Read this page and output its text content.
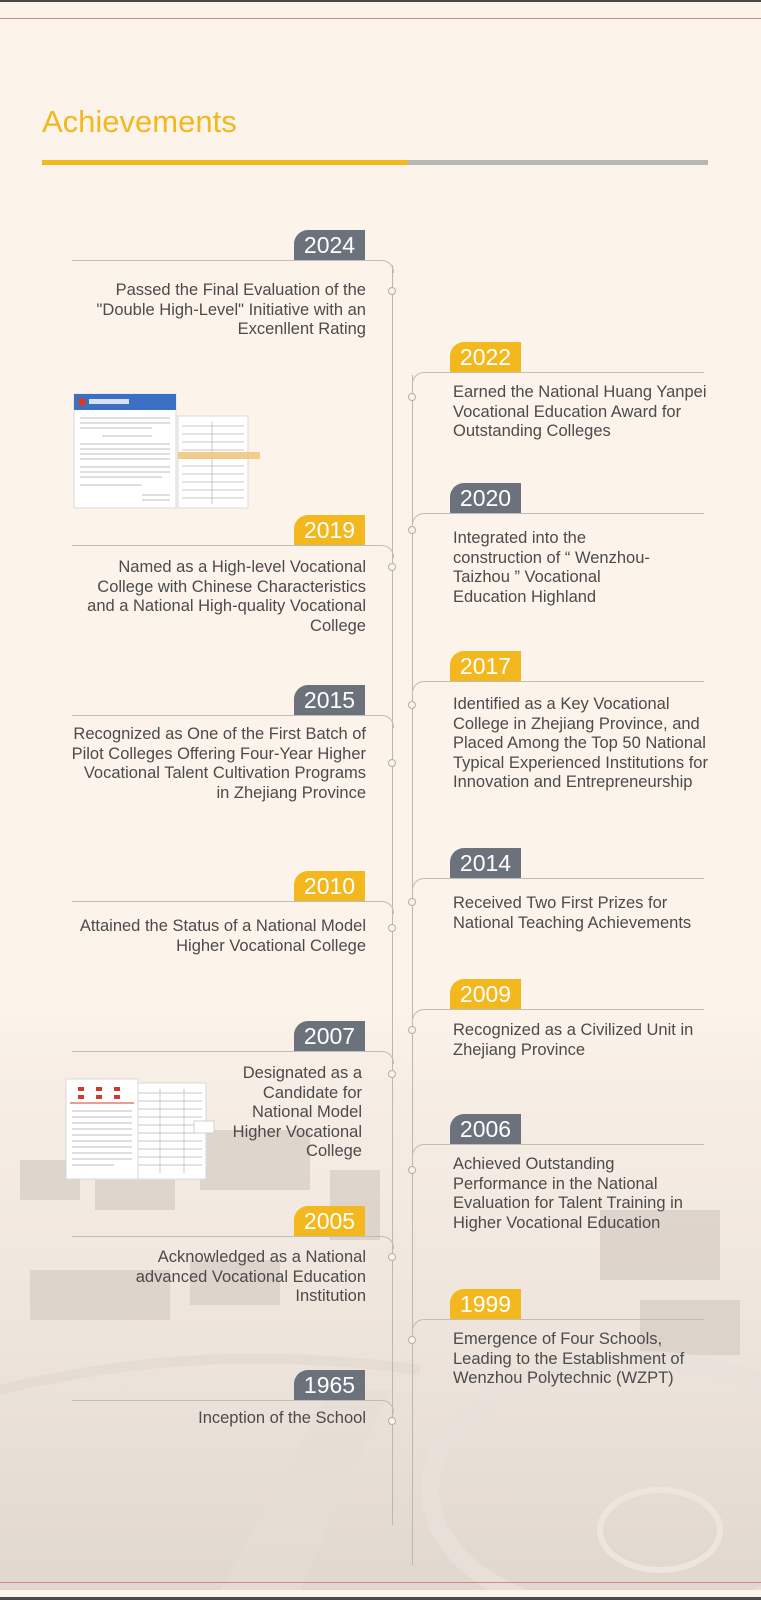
Achievements
2024

Passed the Final Evaluation of the "Double High-Level" Initiative with an Excenllent Rating

2019

Named as a High-level Vocational College with Chinese Characteristics and a National High-quality Vocational College

2015

Recognized as One of the First Batch of Pilot Colleges Offering Four-Year Higher Vocational Talent Cultivation Programs in Zhejiang Province

2010

Attained the Status of a National Model Higher Vocational College

2007

Designated as a Candidate for National Model Higher Vocational College

2005

Acknowledged as a National advanced Vocational Education Institution

1965

Inception of the School

2022

Earned the National Huang Yanpei Vocational Education Award for Outstanding Colleges

2020

Integrated into the construction of “ Wenzhou-Taizhou ” Vocational Education Highland

2017

Identified as a Key Vocational College in Zhejiang Province, and Placed Among the Top 50 National Typical Experienced Institutions for Innovation and Entrepreneurship

2014

Received Two First Prizes for National Teaching Achievements

2009

Recognized as a Civilized Unit in Zhejiang Province

2006

Achieved Outstanding Performance in the National Evaluation for Talent Training in Higher Vocational Education

1999

Emergence of Four Schools, Leading to the Establishment of Wenzhou Polytechnic (WZPT)
